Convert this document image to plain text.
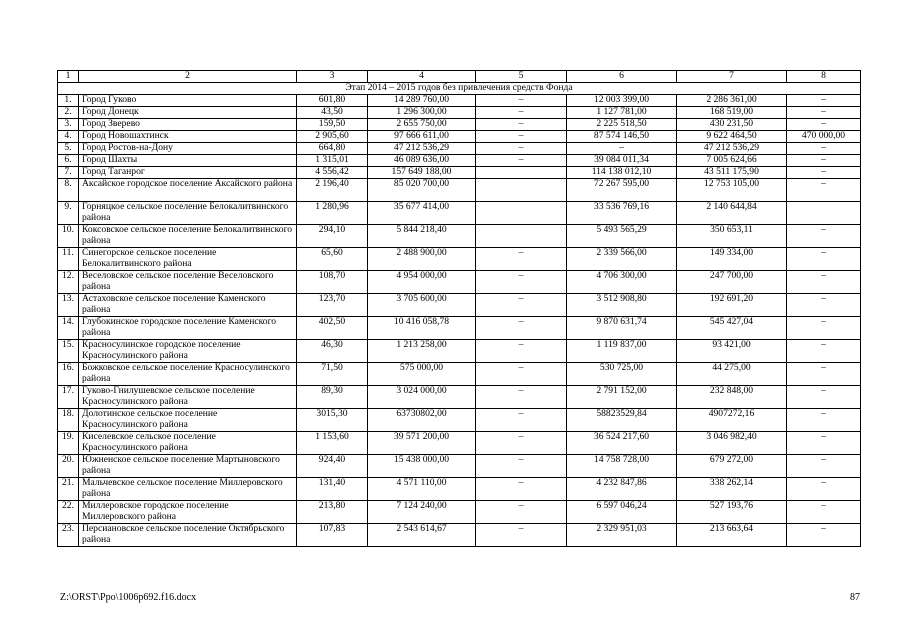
1	2	3	4	5	6	7	8
Этап 2014 – 2015 годов без привлечения средств Фонда							
1.	Город Гуково	601,80	14 289 760,00	–	12 003 399,00	2 286 361,00	–
2.	Город Донецк	43,50	1 296 300,00	–	1 127 781,00	168 519,00	–
3.	Город Зверево	159,50	2 655 750,00	–	2 225 518,50	430 231,50	–
4.	Город Новошахтинск	2 905,60	97 666 611,00	–	87 574 146,50	9 622 464,50	470 000,00
5.	Город Ростов-на-Дону	664,80	47 212 536,29	–	–	47 212 536,29	–
6.	Город Шахты	1 315,01	46 089 636,00	–	39 084 011,34	7 005 624,66	–
7.	Город Таганрог	4 556,42	157 649 188,00		114 138 012,10	43 511 175,90	–
8.	Аксайское городское поселение Аксайского района	2 196,40	85 020 700,00		72 267 595,00	12 753 105,00	–
9.	Горняцкое сельское поселение Белокалитвинского района	1 280,96	35 677 414,00		33 536 769,16	2 140 644,84	
10.	Коксовское сельское поселение Белокалитвинского района	294,10	5 844 218,40		5 493 565,29	350 653,11	–
11.	Синегорское сельское поселение Белокалитвинского района	65,60	2 488 900,00	–	2 339 566,00	149 334,00	–
12.	Веселовское сельское поселение Веселовского района	108,70	4 954 000,00	–	4 706 300,00	247 700,00	–
13.	Астаховское сельское поселение Каменского района	123,70	3 705 600,00	–	3 512 908,80	192 691,20	–
14.	Глубокинское городское поселение Каменского района	402,50	10 416 058,78	–	9 870 631,74	545 427,04	–
15.	Красносулинское городское поселение Красносулинского района	46,30	1 213 258,00	–	1 119 837,00	93 421,00	–
16.	Божковское сельское поселение Красносулинского района	71,50	575 000,00	–	530 725,00	44 275,00	–
17.	Гуково-Гнилушевское сельское поселение Красносулинского района	89,30	3 024 000,00	–	2 791 152,00	232 848,00	–
18.	Долотинское сельское поселение Красносулинского района	3015,30	63730802,00	–	58823529,84	4907272,16	–
19.	Киселевское сельское поселение Красносулинского района	1 153,60	39 571 200,00	–	36 524 217,60	3 046 982,40	–
20.	Южненское сельское поселение Мартыновского района	924,40	15 438 000,00	–	14 758 728,00	679 272,00	–
21.	Мальчевское сельское поселение Миллеровского района	131,40	4 571 110,00	–	4 232 847,86	338 262,14	–
22.	Миллеровское городское поселение Миллеровского района	213,80	7 124 240,00	–	6 597 046,24	527 193,76	–
23.	Персиановское сельское поселение Октябрьского района	107,83	2 543 614,67	–	2 329 951,03	213 663,64	–
Z:\ORST\Ppo\1006p692.f16.docx	87
